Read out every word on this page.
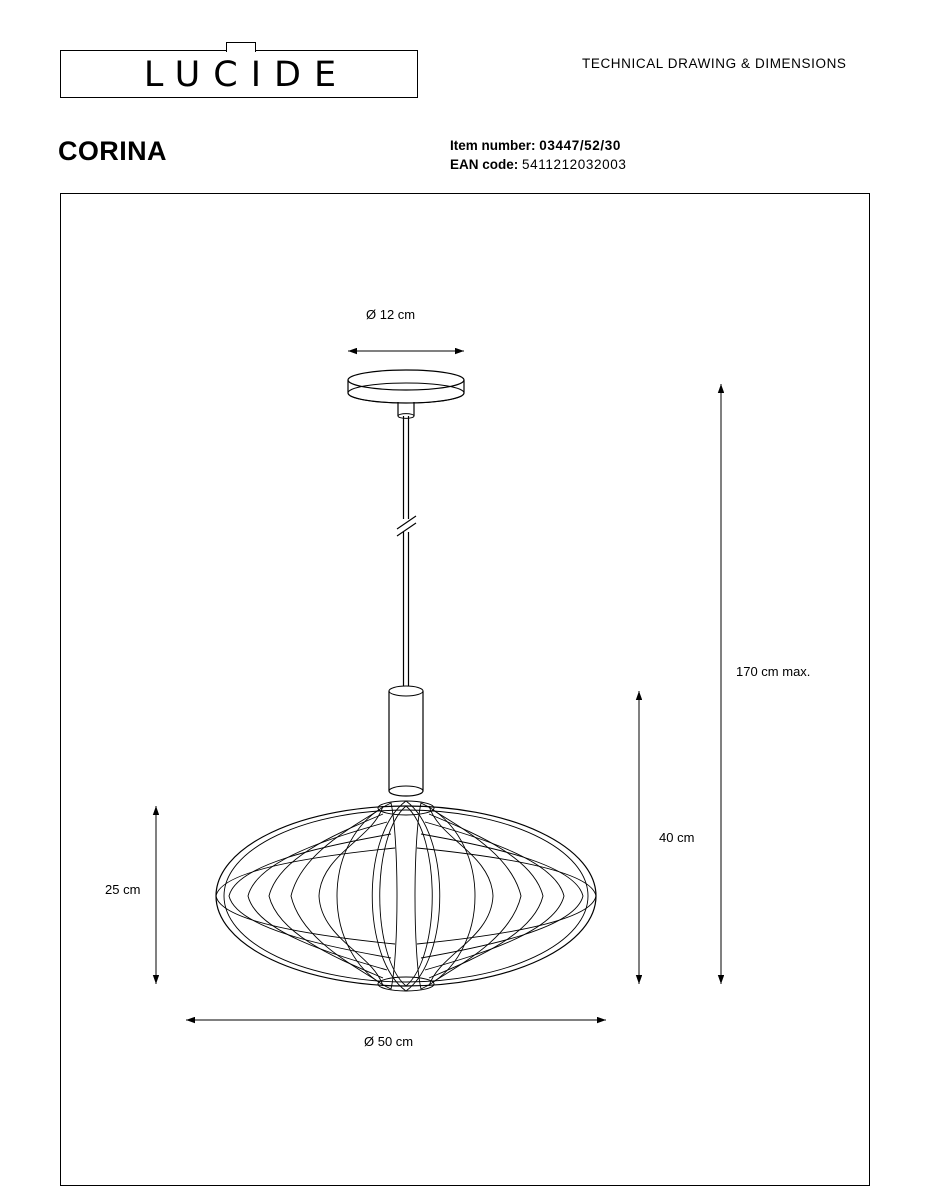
LUCIDE	TECHNICAL DRAWING & DIMENSIONS
CORINA	Item number: 03447/52/30
EAN code: 5411212032003
Ø 12 cm
170 cm max.
40 cm
25 cm
Ø 50 cm
